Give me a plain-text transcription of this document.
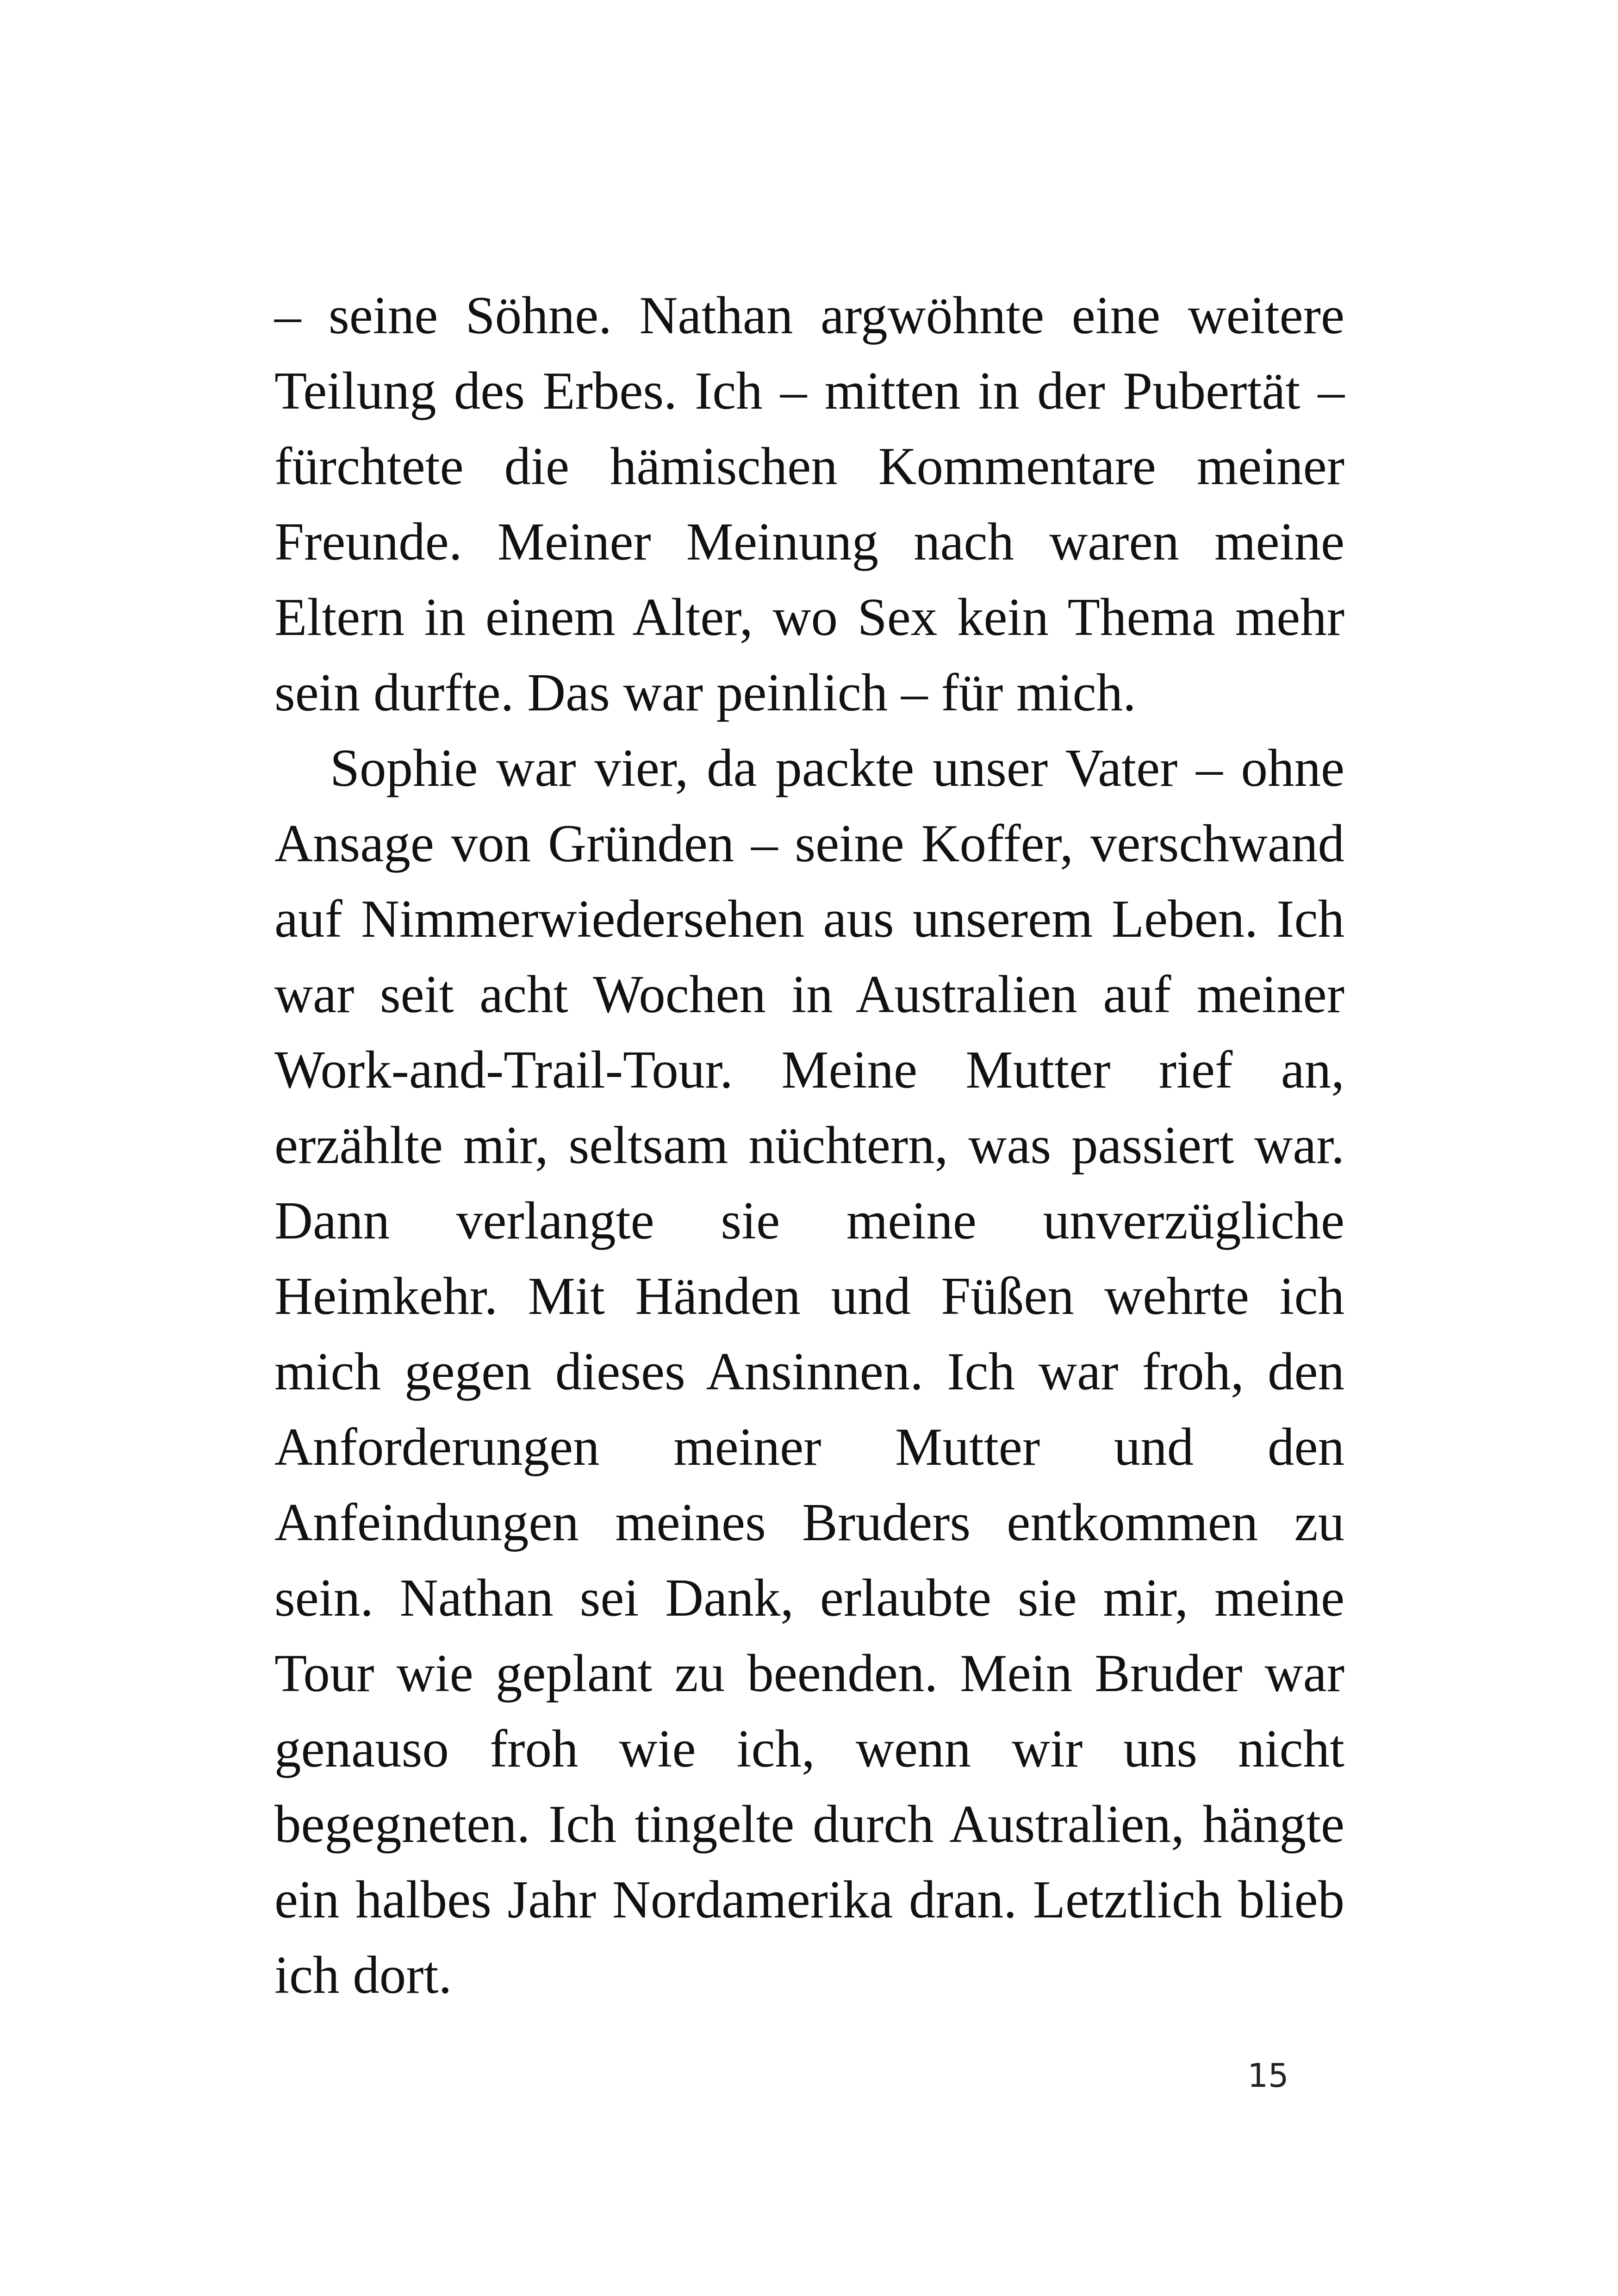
– seine Söhne. Nathan argwöhnte eine weitere
Teilung des Erbes. Ich – mitten in der Pubertät –
fürchtete die hämischen Kommentare meiner
Freunde. Meiner Meinung nach waren meine
Eltern in einem Alter, wo Sex kein Thema mehr
sein durfte. Das war peinlich – für mich.

Sophie war vier, da packte unser Vater – ohne
Ansage von Gründen – seine Koffer, verschwand
auf Nimmerwiedersehen aus unserem Leben. Ich
war seit acht Wochen in Australien auf meiner
Work-and-Trail-Tour. Meine Mutter rief an,
erzählte mir, seltsam nüchtern, was passiert war.
Dann verlangte sie meine unverzügliche
Heimkehr. Mit Händen und Füßen wehrte ich
mich gegen dieses Ansinnen. Ich war froh, den
Anforderungen meiner Mutter und den
Anfeindungen meines Bruders entkommen zu
sein. Nathan sei Dank, erlaubte sie mir, meine
Tour wie geplant zu beenden. Mein Bruder war
genauso froh wie ich, wenn wir uns nicht
begegneten. Ich tingelte durch Australien, hängte
ein halbes Jahr Nordamerika dran. Letztlich blieb
ich dort.

15
